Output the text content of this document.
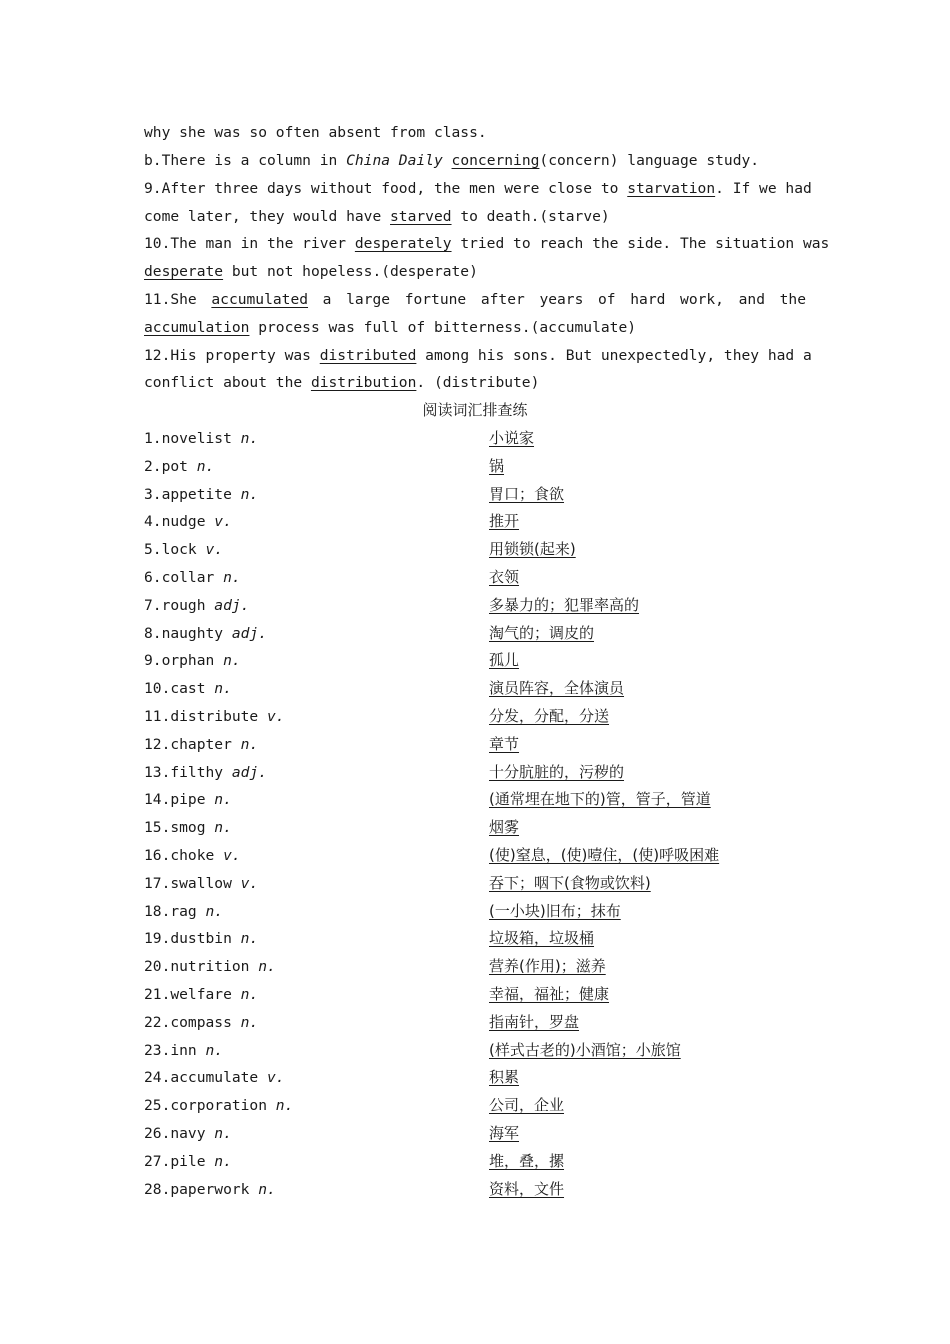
why she was so often absent from class.
b.There is a column in China Daily concerning(concern) language study.
9.After three days without food, the men were close to starvation. If we had
come later, they would have starved to death.(starve)
10.The man in the river desperately tried to reach the side. The situation was
desperate but not hopeless.(desperate)
11.She accumulated a large fortune after years of hard work, and the
accumulation process was full of bitterness.(accumulate)
12.His property was distributed among his sons. But unexpectedly, they had a
conflict about the distribution. (distribute)
阅读词汇排查练
1.novelist n.	小说家
2.pot n.	锅
3.appetite n.	胃口；食欲
4.nudge v.	推开
5.lock v.	用锁锁(起来)
6.collar n.	衣领
7.rough adj.	多暴力的；犯罪率高的
8.naughty adj.	淘气的；调皮的
9.orphan n.	孤儿
10.cast n.	演员阵容，全体演员
11.distribute v.	分发，分配，分送
12.chapter n.	章节
13.filthy adj.	十分肮脏的，污秽的
14.pipe n.	(通常埋在地下的)管，管子，管道
15.smog n.	烟雾
16.choke v.	(使)窒息，(使)噎住，(使)呼吸困难
17.swallow v.	吞下；咽下(食物或饮料)
18.rag n.	(一小块)旧布；抹布
19.dustbin n.	垃圾箱，垃圾桶
20.nutrition n.	营养(作用)；滋养
21.welfare n.	幸福，福祉；健康
22.compass n.	指南针，罗盘
23.inn n.	(样式古老的)小酒馆；小旅馆
24.accumulate v.	积累
25.corporation n.	公司，企业
26.navy n.	海军
27.pile n.	堆，叠，摞
28.paperwork n.	资料，文件
